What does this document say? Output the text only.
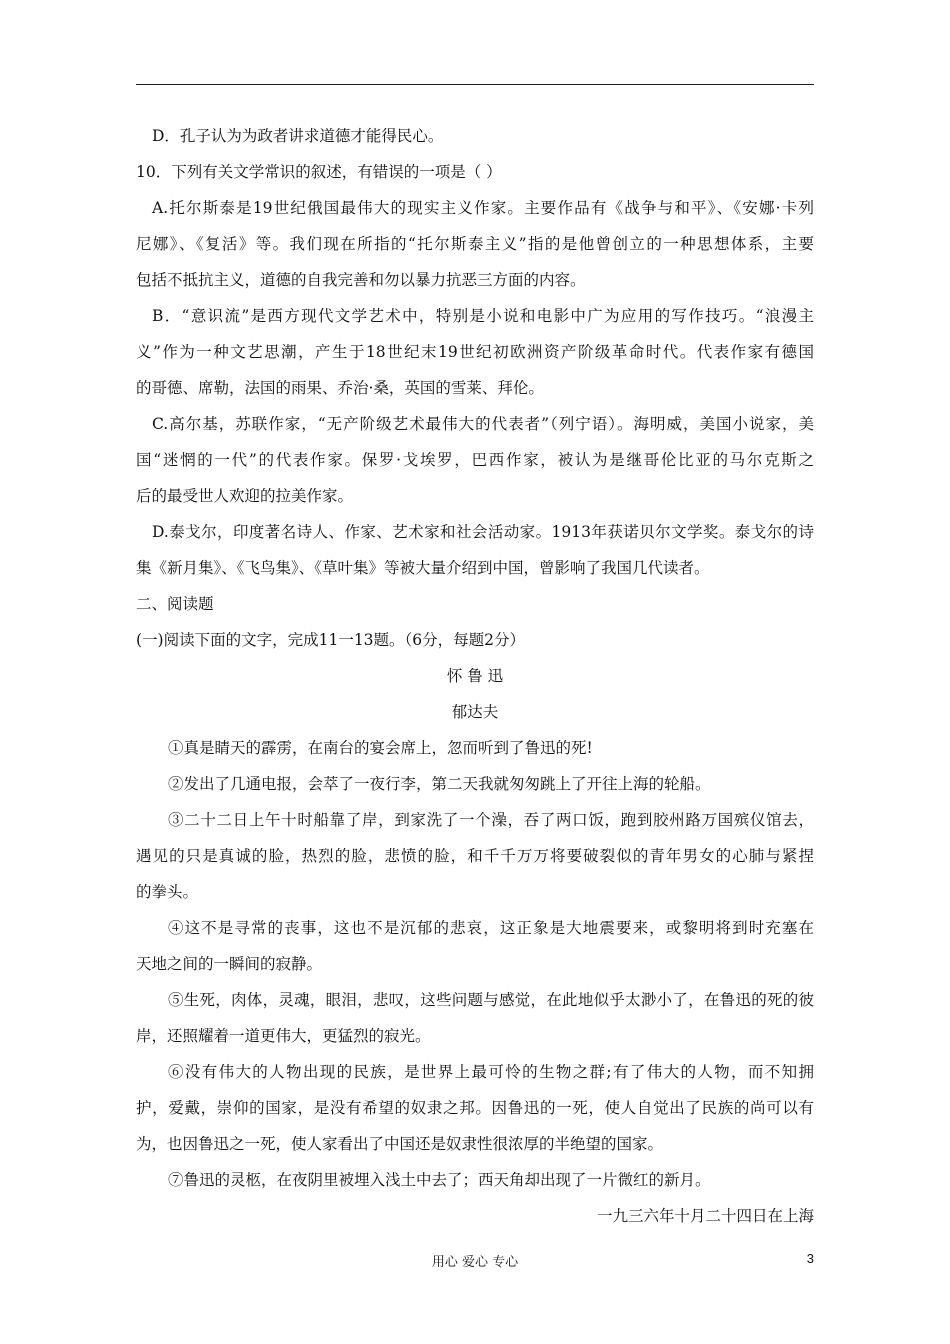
D．孔子认为为政者讲求道德才能得民心。
10．下列有关文学常识的叙述，有错误的一项是（ ）
A.托尔斯泰是19世纪俄国最伟大的现实主义作家。主要作品有《战争与和平》、《安娜·卡列
尼娜》、《复活》等。我们现在所指的“托尔斯泰主义”指的是他曾创立的一种思想体系，主要
包括不抵抗主义，道德的自我完善和勿以暴力抗恶三方面的内容。
B．“意识流”是西方现代文学艺术中，特别是小说和电影中广为应用的写作技巧。“浪漫主
义”作为一种文艺思潮，产生于18世纪末19世纪初欧洲资产阶级革命时代。代表作家有德国
的哥德、席勒，法国的雨果、乔治·桑，英国的雪莱、拜伦。
C.高尔基，苏联作家，“无产阶级艺术最伟大的代表者”（列宁语）。海明威，美国小说家，美
国“迷惘的一代”的代表作家。保罗·戈埃罗，巴西作家，被认为是继哥伦比亚的马尔克斯之
后的最受世人欢迎的拉美作家。
D.泰戈尔，印度著名诗人、作家、艺术家和社会活动家。1913年获诺贝尔文学奖。泰戈尔的诗
集《新月集》、《飞鸟集》、《草叶集》等被大量介绍到中国，曾影响了我国几代读者。
二、阅读题
(一)阅读下面的文字，完成11一13题。（6分，每题2分）
怀 鲁 迅
郁达夫
①真是睛天的霹雳，在南台的宴会席上，忽而听到了鲁迅的死!
②发出了几通电报，会萃了一夜行李，第二天我就匆匆跳上了开往上海的轮船。
③二十二日上午十时船靠了岸，到家洗了一个澡，吞了两口饭，跑到胶州路万国殡仪馆去，
遇见的只是真诚的脸，热烈的脸，悲愤的脸，和千千万万将要破裂似的青年男女的心肺与紧捏
的拳头。
④这不是寻常的丧事，这也不是沉郁的悲哀，这正象是大地震要来，或黎明将到时充塞在
天地之间的一瞬间的寂静。
⑤生死，肉体，灵魂，眼泪，悲叹，这些问题与感觉，在此地似乎太渺小了，在鲁迅的死的彼
岸，还照耀着一道更伟大，更猛烈的寂光。
⑥没有伟大的人物出现的民族，是世界上最可怜的生物之群;有了伟大的人物，而不知拥
护，爱戴，崇仰的国家，是没有希望的奴隶之邦。因鲁迅的一死，使人自觉出了民族的尚可以有
为，也因鲁迅之一死，使人家看出了中国还是奴隶性很浓厚的半绝望的国家。
⑦鲁迅的灵柩，在夜阴里被埋入浅土中去了；西天角却出现了一片微红的新月。
一九三六年十月二十四日在上海
用心 爱心 专心	3
